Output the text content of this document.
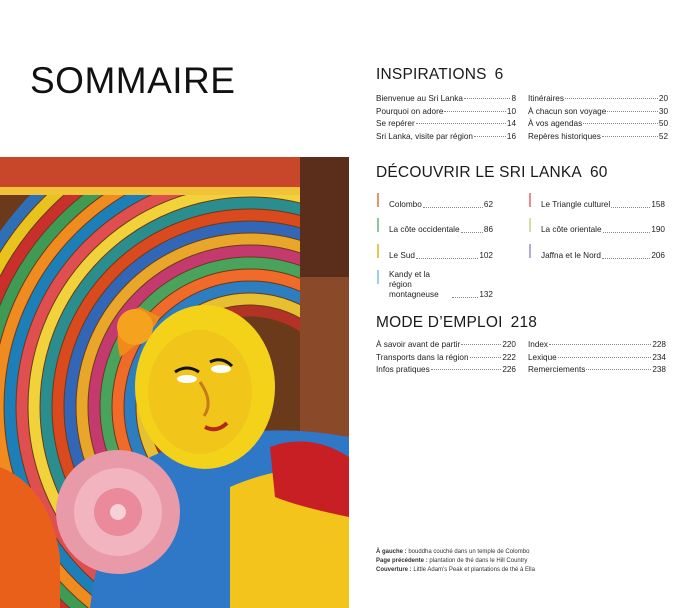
SOMMAIRE	INSPIRATIONS 6
Bienvenue au Sri Lanka	8
Pourquoi on adore	10
Se repérer	14
Sri Lanka, visite par région	16
Itinéraires	20
À chacun son voyage	30
À vos agendas	50
Repères historiques	52
DÉCOUVRIR LE SRI LANKA 60
Colombo	62
La côte occidentale	86
Le Sud	102
Kandy et la région montagneuse	132
Le Triangle culturel	158
La côte orientale	190
Jaffna et le Nord	206
MODE D’EMPLOI 218
À savoir avant de partir	220
Transports dans la région	222
Infos pratiques	226
Index	228
Lexique	234
Remerciements	238
À gauche : bouddha couché dans un temple de Colombo
Page précédente : plantation de thé dans le Hill Country
Couverture : Little Adam’s Peak et plantations de thé à Ella
